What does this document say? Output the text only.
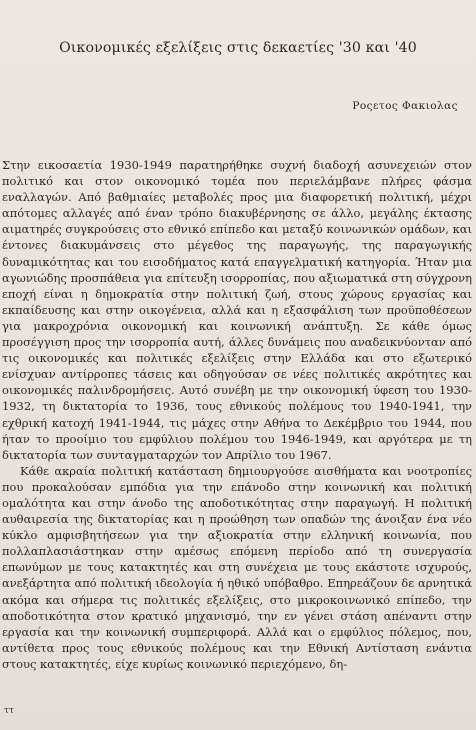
Οικονομικές εξελίξεις στις δεκαετίες '30 και '40
Ροςετος Φακιολας

Στην εικοσαετία 1930-1949 παρατηρήθηκε συχνή διαδοχή ασυνεχειών στον πολιτικό και στον οικονομικό τομέα που περιελάμβανε πλήρες φάσμα εναλλαγών. Από βαθμιαίες μεταβολές προς μια διαφορετική πολιτική, μέχρι απότομες αλλαγές από έναν τρόπο διακυβέρνησης σε άλλο, μεγάλης έκτασης αιματηρές συγκρούσεις στο εθνικό επίπεδο και μεταξύ κοινωνικών ομάδων, και έντονες διακυμάνσεις στο μέγεθος της παραγωγής, της παραγωγικής δυναμικότητας και του εισοδήματος κατά επαγγελματική κατηγορία. Ήταν μια αγωνιώδης προσπάθεια για επίτευξη ισορροπίας, που αξιωματικά στη σύγχρονη εποχή είναι η δημοκρατία στην πολιτική ζωή, στους χώρους εργασίας και εκπαίδευσης και στην οικογένεια, αλλά και η εξασφάλιση των προϋποθέσεων για μακροχρόνια οικονομική και κοινωνική ανάπτυξη. Σε κάθε όμως προσέγγιση προς την ισορροπία αυτή, άλλες δυνάμεις που αναδεικνύονταν από τις οικονομικές και πολιτικές εξελίξεις στην Ελλάδα και στο εξωτερικό ενίσχυαν αντίρροπες τάσεις και οδηγούσαν σε νέες πολιτικές ακρότητες και οικονομικές παλινδρομήσεις. Αυτό συνέβη με την οικονομική ύφεση του 1930-1932, τη δικτατορία το 1936, τους εθνικούς πολέμους του 1940-1941, την εχθρική κατοχή 1941-1944, τις μάχες στην Αθήνα το Δεκέμβριο του 1944, που ήταν το προοίμιο του εμφύλιου πολέμου του 1946-1949, και αργότερα με τη δικτατορία των συνταγματαρχών τον Απρίλιο του 1967.

Κάθε ακραία πολιτική κατάσταση δημιουργούσε αισθήματα και νοοτροπίες που προκαλούσαν εμπόδια για την επάνοδο στην κοινωνική και πολιτική ομαλότητα και στην άνοδο της αποδοτικότητας στην παραγωγή. Η πολιτική αυθαιρεσία της δικτατορίας και η προώθηση των οπαδών της άνοιξαν ένα νέο κύκλο αμφισβητήσεων για την αξιοκρατία στην ελληνική κοινωνία, που πολλαπλασιάστηκαν στην αμέσως επόμενη περίοδο από τη συνεργασία επωνύμων με τους κατακτητές και στη συνέχεια με τους εκάστοτε ισχυρούς, ανεξάρτητα από πολιτική ιδεολογία ή ηθικό υπόβαθρο. Επηρεάζουν δε αρνητικά ακόμα και σήμερα τις πολιτικές εξελίξεις, στο μικροκοινωνικό επίπεδο, την αποδοτικότητα στον κρατικό μηχανισμό, την εν γένει στάση απέναντι στην εργασία και την κοινωνική συμπεριφορά. Αλλά και ο εμφύλιος πόλεμος, που, αντίθετα προς τους εθνικούς πολέμους και την Εθνική Αντίσταση ενάντια στους κατακτητές, είχε κυρίως κοινωνικό περιεχόμενο, δη-

ττ
